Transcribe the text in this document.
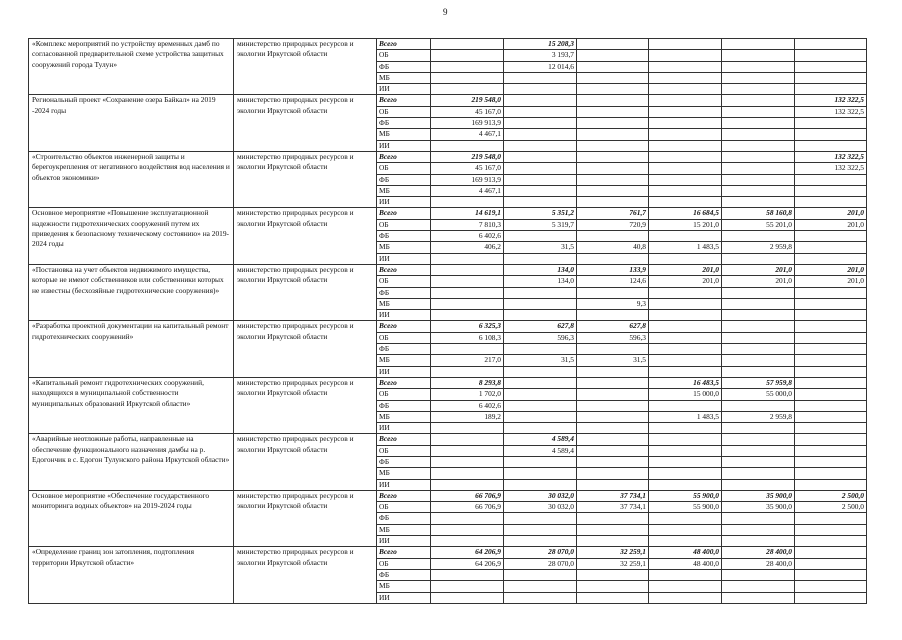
9
«Комплекс мероприятий по устройству временных дамб по согласованной предварительной схеме устройства защитных сооружений города Тулун»	министерство природных ресурсов и экологии Иркутской области	Всего		15 208,3				
		ОБ		3 193,7				
		ФБ		12 014,6				
		МБ						
		ИИ						
Региональный проект «Сохранение озера Байкал» на 2019 -2024 годы	министерство природных ресурсов и экологии Иркутской области	Всего	219 548,0					132 322,5
		ОБ	45 167,0					132 322,5
		ФБ	169 913,9					
		МБ	4 467,1					
		ИИ						
«Строительство объектов инженерной защиты и берегоукрепления от негативного воздействия вод населения и объектов экономики»	министерство природных ресурсов и экологии Иркутской области	Всего	219 548,0					132 322,5
		ОБ	45 167,0					132 322,5
		ФБ	169 913,9					
		МБ	4 467,1					
		ИИ						
Основное мероприятие «Повышение эксплуатационной надежности гидротехнических сооружений путем их приведения к безопасному техническому состоянию» на 2019-2024 годы	министерство природных ресурсов и экологии Иркутской области	Всего	14 619,1	5 351,2	761,7	16 684,5	58 160,8	201,0
		ОБ	7 810,3	5 319,7	720,9	15 201,0	55 201,0	201,0
		ФБ	6 402,6					
		МБ	406,2	31,5	40,8	1 483,5	2 959,8	
		ИИ						
«Постановка на учет объектов недвижимого имущества, которые не имеют собственников или собственники которых не известны (бесхозяйные гидротехнические сооружения)»	министерство природных ресурсов и экологии Иркутской области	Всего		134,0	133,9	201,0	201,0	201,0
		ОБ		134,0	124,6	201,0	201,0	201,0
		ФБ						
		МБ			9,3			
		ИИ						
«Разработка проектной документации на капитальный ремонт гидротехнических сооружений»	министерство природных ресурсов и экологии Иркутской области	Всего	6 325,3	627,8	627,8			
		ОБ	6 108,3	596,3	596,3			
		ФБ						
		МБ	217,0	31,5	31,5			
		ИИ						
«Капитальный ремонт гидротехнических сооружений, находящихся в муниципальной собственности муниципальных образований Иркутской области»	министерство природных ресурсов и экологии Иркутской области	Всего	8 293,8			16 483,5	57 959,8	
		ОБ	1 702,0			15 000,0	55 000,0	
		ФБ	6 402,6					
		МБ	189,2			1 483,5	2 959,8	
		ИИ						
«Аварийные неотложные работы, направленные на обеспечение функционального назначения дамбы на р. Едогончик в с. Едогон Тулунского района Иркутской области»	министерство природных ресурсов и экологии Иркутской области	Всего		4 589,4				
		ОБ		4 589,4				
		ФБ						
		МБ						
		ИИ						
Основное мероприятие «Обеспечение государственного мониторинга водных объектов» на 2019-2024 годы	министерство природных ресурсов и экологии Иркутской области	Всего	66 706,9	30 032,0	37 734,1	55 900,0	35 900,0	2 500,0
		ОБ	66 706,9	30 032,0	37 734,1	55 900,0	35 900,0	2 500,0
		ФБ						
		МБ						
		ИИ						
«Определение границ зон затопления, подтопления территории Иркутской области»	министерство природных ресурсов и экологии Иркутской области	Всего	64 206,9	28 070,0	32 259,1	48 400,0	28 400,0	
		ОБ	64 206,9	28 070,0	32 259,1	48 400,0	28 400,0	
		ФБ						
		МБ						
		ИИ						
